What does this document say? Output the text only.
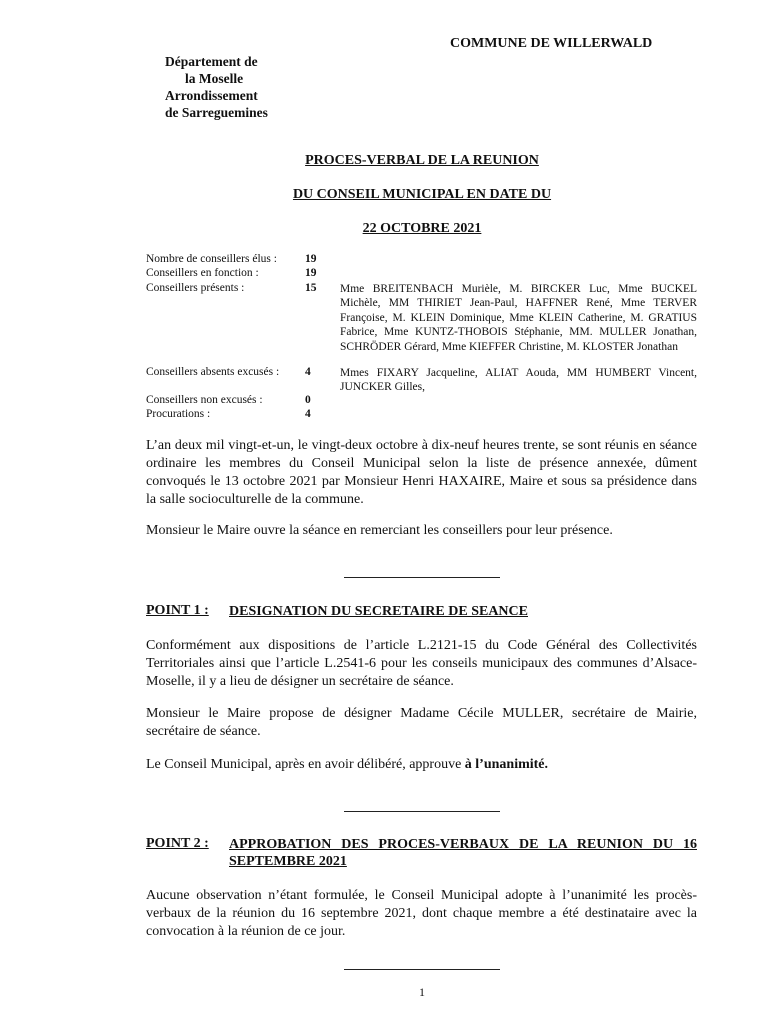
COMMUNE DE WILLERWALD
Département de
la Moselle
Arrondissement
de Sarreguemines
PROCES-VERBAL DE LA REUNION
DU CONSEIL MUNICIPAL EN DATE DU
22 OCTOBRE 2021
Nombre de conseillers élus : 19
Conseillers en fonction :	19
Conseillers présents :	15 Mme BREITENBACH Murièle, M. BIRCKER Luc, Mme BUCKEL Michèle, MM THIRIET Jean-Paul, HAFFNER René, Mme TERVER Françoise, M. KLEIN Dominique, Mme KLEIN Catherine, M. GRATIUS Fabrice, Mme KUNTZ-THOBOIS Stéphanie, MM. MULLER Jonathan, SCHRÖDER Gérard, Mme KIEFFER Christine, M. KLOSTER Jonathan
Conseillers absents excusés : 4	Mmes FIXARY Jacqueline, ALIAT Aouda, MM HUMBERT Vincent, JUNCKER Gilles,
Conseillers non excusés :	0
Procurations :	4
L’an deux mil vingt-et-un, le vingt-deux octobre à dix-neuf heures trente, se sont réunis en séance ordinaire les membres du Conseil Municipal selon la liste de présence annexée, dûment convoqués le 13 octobre 2021 par Monsieur Henri HAXAIRE, Maire et sous sa présidence dans la salle socioculturelle de la commune.
Monsieur le Maire ouvre la séance en remerciant les conseillers pour leur présence.
POINT 1 : DESIGNATION DU SECRETAIRE DE SEANCE
Conformément aux dispositions de l’article L.2121-15 du Code Général des Collectivités Territoriales ainsi que l’article L.2541-6 pour les conseils municipaux des communes d’Alsace-Moselle, il y a lieu de désigner un secrétaire de séance.
Monsieur le Maire propose de désigner Madame Cécile MULLER, secrétaire de Mairie, secrétaire de séance.
Le Conseil Municipal, après en avoir délibéré, approuve à l’unanimité.
POINT 2 : APPROBATION DES PROCES-VERBAUX DE LA REUNION DU 16 SEPTEMBRE 2021
Aucune observation n’étant formulée, le Conseil Municipal adopte à l’unanimité les procès-verbaux de la réunion du 16 septembre 2021, dont chaque membre a été destinataire avec la convocation à la réunion de ce jour.
1
